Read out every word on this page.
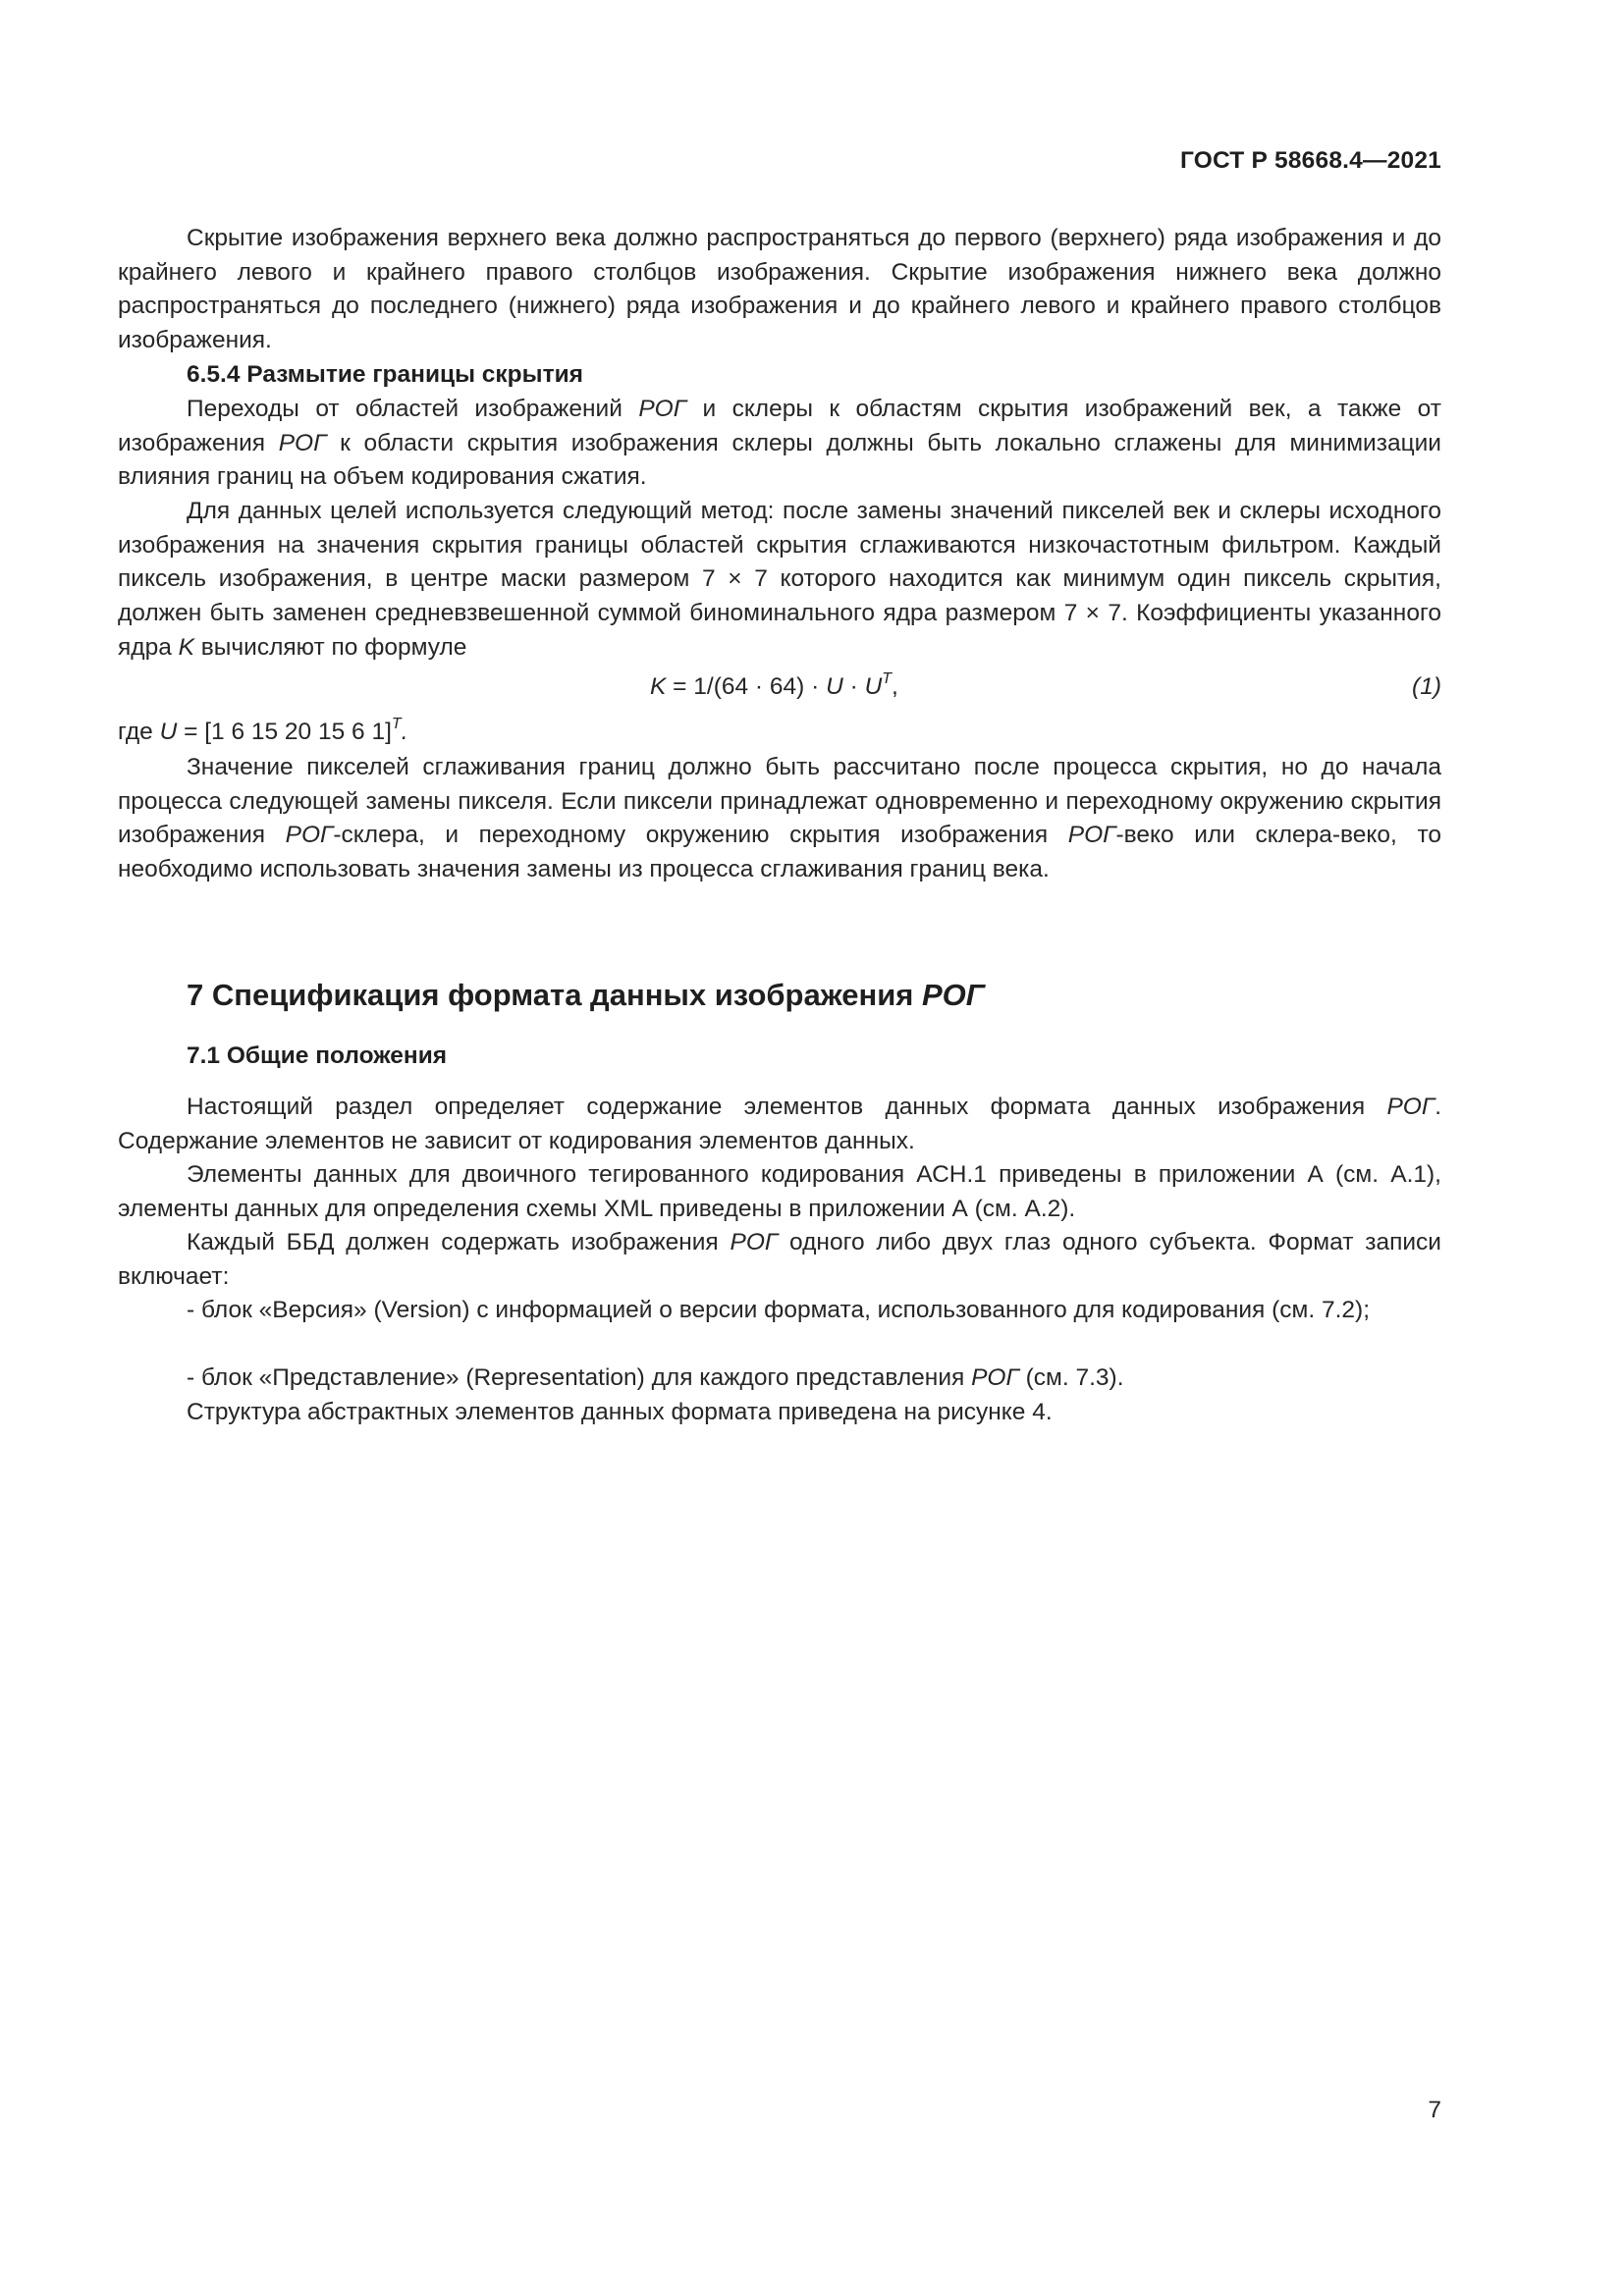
ГОСТ Р 58668.4—2021
Скрытие изображения верхнего века должно распространяться до первого (верхнего) ряда изображения и до крайнего левого и крайнего правого столбцов изображения. Скрытие изображения нижнего века должно распространяться до последнего (нижнего) ряда изображения и до крайнего левого и крайнего правого столбцов изображения.
6.5.4 Размытие границы скрытия
Переходы от областей изображений РОГ и склеры к областям скрытия изображений век, а также от изображения РОГ к области скрытия изображения склеры должны быть локально сглажены для минимизации влияния границ на объем кодирования сжатия.
Для данных целей используется следующий метод: после замены значений пикселей век и склеры исходного изображения на значения скрытия границы областей скрытия сглаживаются низкочастотным фильтром. Каждый пиксель изображения, в центре маски размером 7 × 7 которого находится как минимум один пиксель скрытия, должен быть заменен средневзвешенной суммой биноминального ядра размером 7 × 7. Коэффициенты указанного ядра K вычисляют по формуле
$K = 1/(64 \cdot 64) \cdot U \cdot U^T$,	(1)
где U = [1 6 15 20 15 6 1]$^T$.
Значение пикселей сглаживания границ должно быть рассчитано после процесса скрытия, но до начала процесса следующей замены пикселя. Если пиксели принадлежат одновременно и переходному окружению скрытия изображения РОГ-склера, и переходному окружению скрытия изображения РОГ-веко или склера-веко, то необходимо использовать значения замены из процесса сглаживания границ века.
7 Спецификация формата данных изображения РОГ
7.1 Общие положения
Настоящий раздел определяет содержание элементов данных формата данных изображения РОГ. Содержание элементов не зависит от кодирования элементов данных.
Элементы данных для двоичного тегированного кодирования АСН.1 приведены в приложении А (см. А.1), элементы данных для определения схемы XML приведены в приложении А (см. А.2).
Каждый ББД должен содержать изображения РОГ одного либо двух глаз одного субъекта. Формат записи включает:
- блок «Версия» (Version) с информацией о версии формата, использованного для кодирования (см. 7.2);
- блок «Представление» (Representation) для каждого представления РОГ (см. 7.3).
Структура абстрактных элементов данных формата приведена на рисунке 4.
7
